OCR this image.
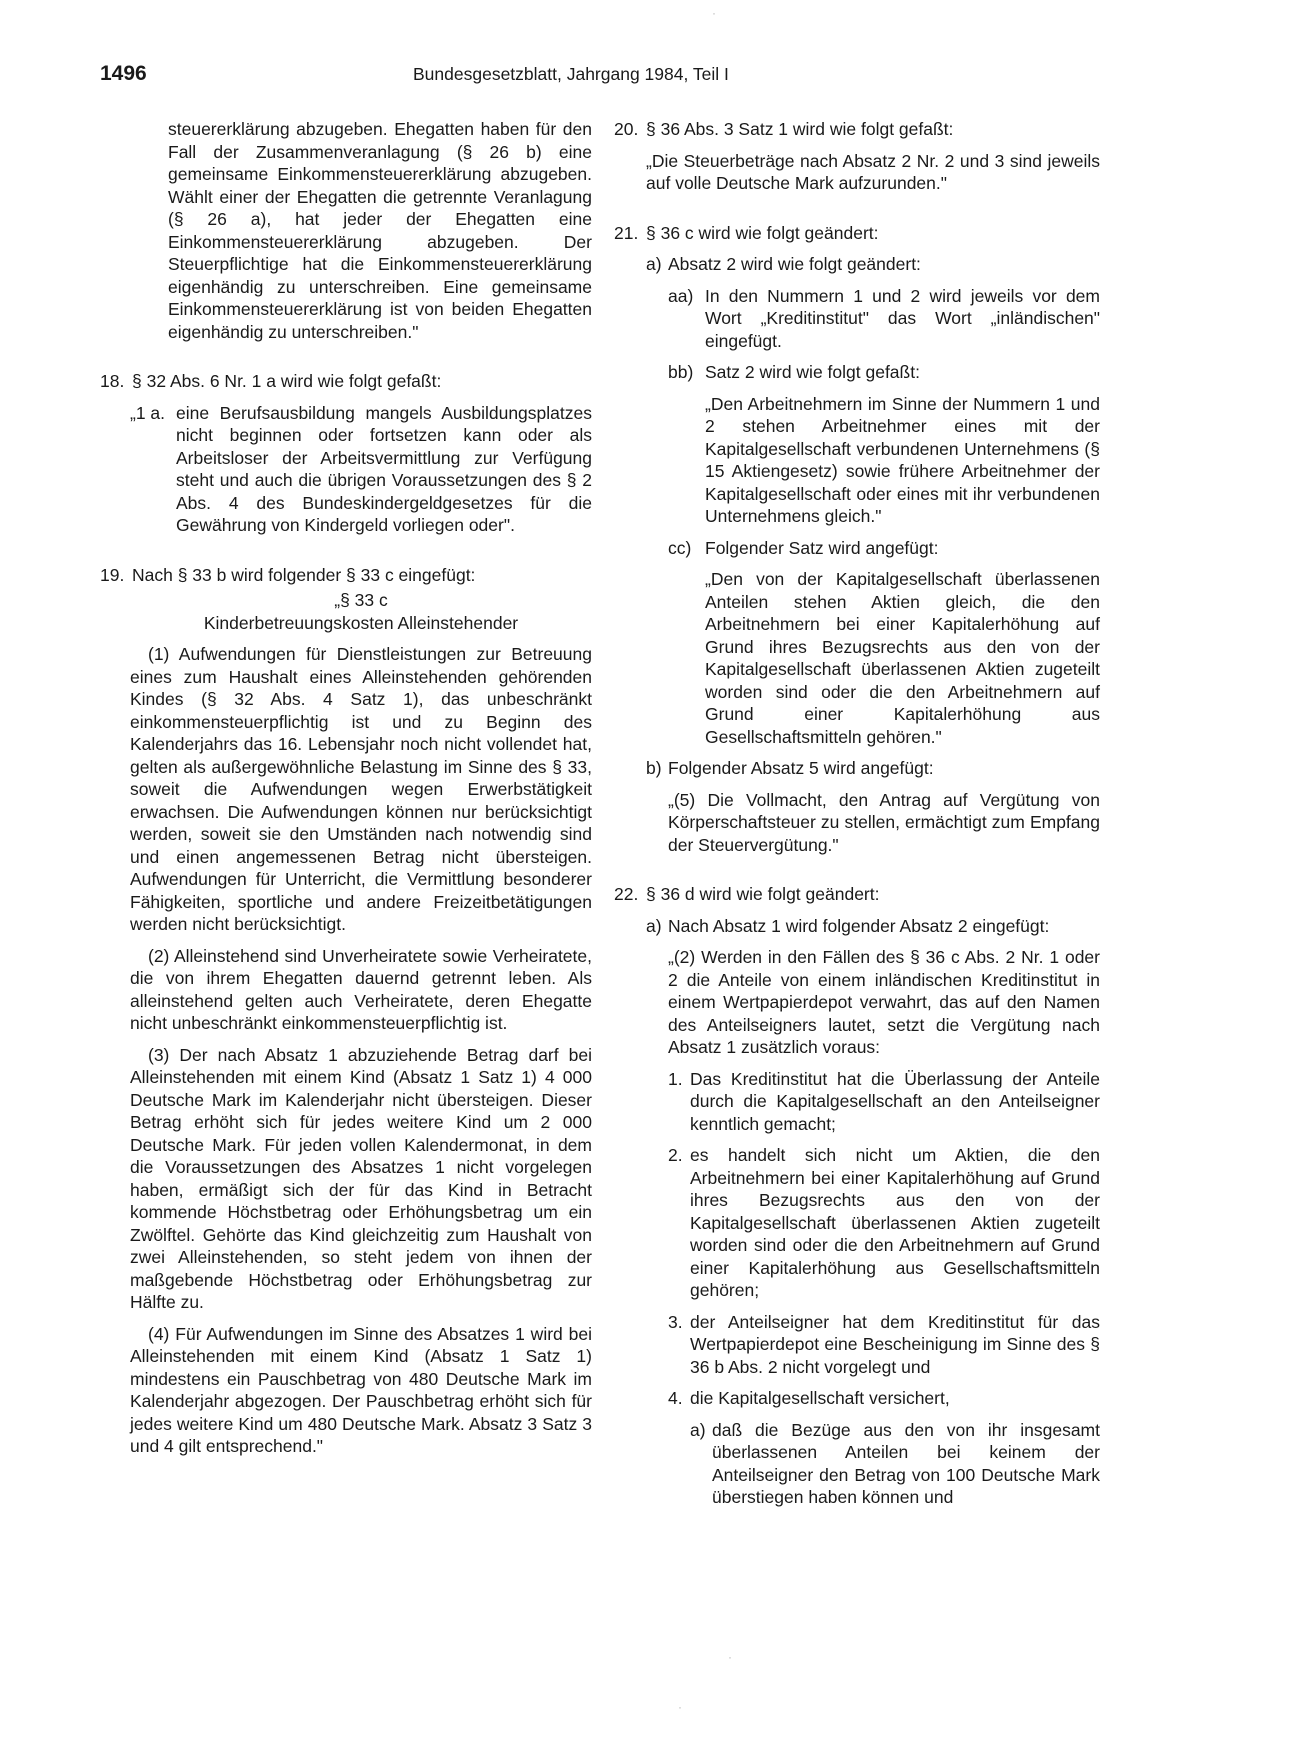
1496	Bundesgesetzblatt, Jahrgang 1984, Teil I

steuererklärung abzugeben. Ehegatten haben für den Fall der Zusammenveranlagung (§ 26 b) eine gemeinsame Einkommensteuererklärung abzugeben. Wählt einer der Ehegatten die getrennte Veranlagung (§ 26 a), hat jeder der Ehegatten eine Einkommensteuererklärung abzugeben. Der Steuerpflichtige hat die Einkommensteuererklärung eigenhändig zu unterschreiben. Eine gemeinsame Einkommensteuererklärung ist von beiden Ehegatten eigenhändig zu unterschreiben."

18. § 32 Abs. 6 Nr. 1 a wird wie folgt gefaßt:

„1 a. eine Berufsausbildung mangels Ausbildungsplatzes nicht beginnen oder fortsetzen kann oder als Arbeitsloser der Arbeitsvermittlung zur Verfügung steht und auch die übrigen Voraussetzungen des § 2 Abs. 4 des Bundeskindergeldgesetzes für die Gewährung von Kindergeld vorliegen oder".

19. Nach § 33 b wird folgender § 33 c eingefügt:

„§ 33 c

Kinderbetreuungskosten Alleinstehender

(1) Aufwendungen für Dienstleistungen zur Betreuung eines zum Haushalt eines Alleinstehenden gehörenden Kindes (§ 32 Abs. 4 Satz 1), das unbeschränkt einkommensteuerpflichtig ist und zu Beginn des Kalenderjahrs das 16. Lebensjahr noch nicht vollendet hat, gelten als außergewöhnliche Belastung im Sinne des § 33, soweit die Aufwendungen wegen Erwerbstätigkeit erwachsen. Die Aufwendungen können nur berücksichtigt werden, soweit sie den Umständen nach notwendig sind und einen angemessenen Betrag nicht übersteigen. Aufwendungen für Unterricht, die Vermittlung besonderer Fähigkeiten, sportliche und andere Freizeitbetätigungen werden nicht berücksichtigt.

(2) Alleinstehend sind Unverheiratete sowie Verheiratete, die von ihrem Ehegatten dauernd getrennt leben. Als alleinstehend gelten auch Verheiratete, deren Ehegatte nicht unbeschränkt einkommensteuerpflichtig ist.

(3) Der nach Absatz 1 abzuziehende Betrag darf bei Alleinstehenden mit einem Kind (Absatz 1 Satz 1) 4 000 Deutsche Mark im Kalenderjahr nicht übersteigen. Dieser Betrag erhöht sich für jedes weitere Kind um 2 000 Deutsche Mark. Für jeden vollen Kalendermonat, in dem die Voraussetzungen des Absatzes 1 nicht vorgelegen haben, ermäßigt sich der für das Kind in Betracht kommende Höchstbetrag oder Erhöhungsbetrag um ein Zwölftel. Gehörte das Kind gleichzeitig zum Haushalt von zwei Alleinstehenden, so steht jedem von ihnen der maßgebende Höchstbetrag oder Erhöhungsbetrag zur Hälfte zu.

(4) Für Aufwendungen im Sinne des Absatzes 1 wird bei Alleinstehenden mit einem Kind (Absatz 1 Satz 1) mindestens ein Pauschbetrag von 480 Deutsche Mark im Kalenderjahr abgezogen. Der Pauschbetrag erhöht sich für jedes weitere Kind um 480 Deutsche Mark. Absatz 3 Satz 3 und 4 gilt entsprechend."

20. § 36 Abs. 3 Satz 1 wird wie folgt gefaßt:

„Die Steuerbeträge nach Absatz 2 Nr. 2 und 3 sind jeweils auf volle Deutsche Mark aufzurunden."

21. § 36 c wird wie folgt geändert:

a) Absatz 2 wird wie folgt geändert:

aa) In den Nummern 1 und 2 wird jeweils vor dem Wort „Kreditinstitut" das Wort „inländischen" eingefügt.

bb) Satz 2 wird wie folgt gefaßt:

„Den Arbeitnehmern im Sinne der Nummern 1 und 2 stehen Arbeitnehmer eines mit der Kapitalgesellschaft verbundenen Unternehmens (§ 15 Aktiengesetz) sowie frühere Arbeitnehmer der Kapitalgesellschaft oder eines mit ihr verbundenen Unternehmens gleich."

cc) Folgender Satz wird angefügt:

„Den von der Kapitalgesellschaft überlassenen Anteilen stehen Aktien gleich, die den Arbeitnehmern bei einer Kapitalerhöhung auf Grund ihres Bezugsrechts aus den von der Kapitalgesellschaft überlassenen Aktien zugeteilt worden sind oder die den Arbeitnehmern auf Grund einer Kapitalerhöhung aus Gesellschaftsmitteln gehören."

b) Folgender Absatz 5 wird angefügt:

„(5) Die Vollmacht, den Antrag auf Vergütung von Körperschaftsteuer zu stellen, ermächtigt zum Empfang der Steuervergütung."

22. § 36 d wird wie folgt geändert:

a) Nach Absatz 1 wird folgender Absatz 2 eingefügt:

„(2) Werden in den Fällen des § 36 c Abs. 2 Nr. 1 oder 2 die Anteile von einem inländischen Kreditinstitut in einem Wertpapierdepot verwahrt, das auf den Namen des Anteilseigners lautet, setzt die Vergütung nach Absatz 1 zusätzlich voraus:

1. Das Kreditinstitut hat die Überlassung der Anteile durch die Kapitalgesellschaft an den Anteilseigner kenntlich gemacht;

2. es handelt sich nicht um Aktien, die den Arbeitnehmern bei einer Kapitalerhöhung auf Grund ihres Bezugsrechts aus den von der Kapitalgesellschaft überlassenen Aktien zugeteilt worden sind oder die den Arbeitnehmern auf Grund einer Kapitalerhöhung aus Gesellschaftsmitteln gehören;

3. der Anteilseigner hat dem Kreditinstitut für das Wertpapierdepot eine Bescheinigung im Sinne des § 36 b Abs. 2 nicht vorgelegt und

4. die Kapitalgesellschaft versichert,

a) daß die Bezüge aus den von ihr insgesamt überlassenen Anteilen bei keinem der Anteilseigner den Betrag von 100 Deutsche Mark überstiegen haben können und

·
·
·
